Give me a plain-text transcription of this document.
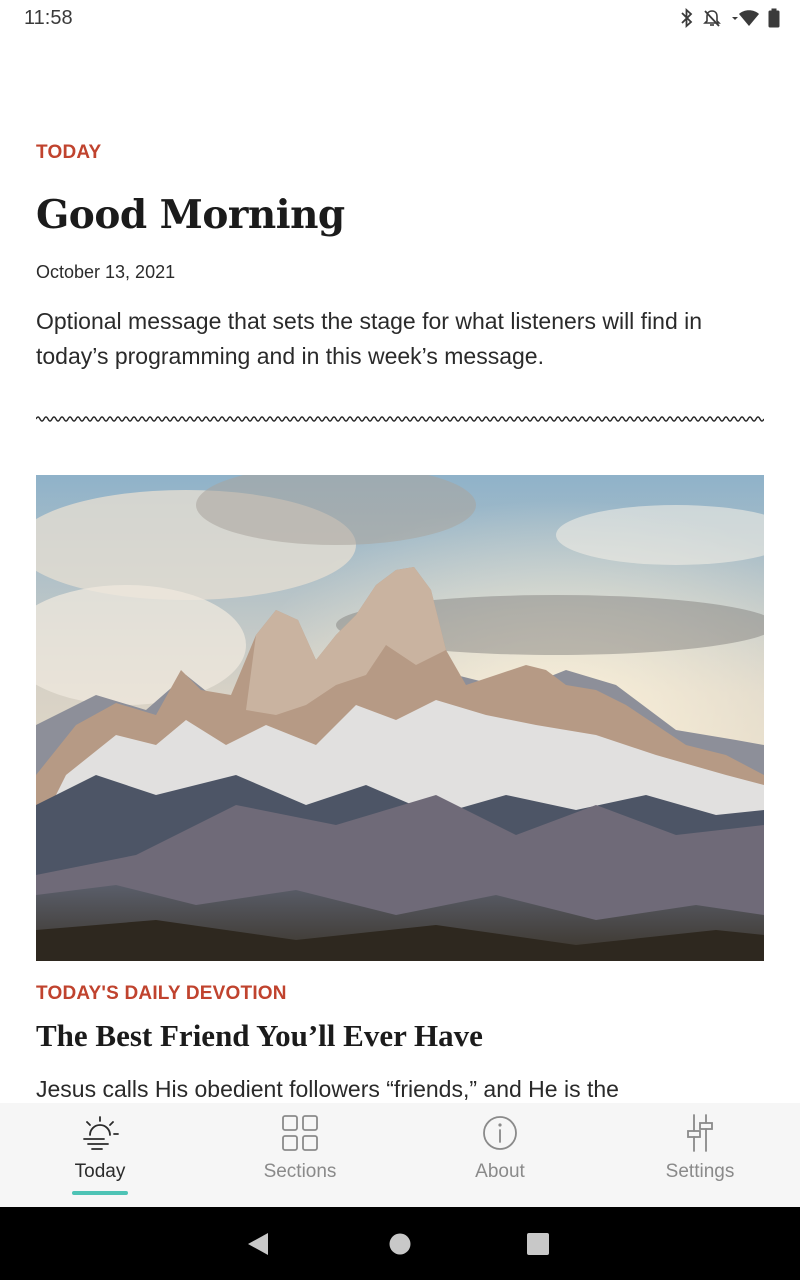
11:58
TODAY
Good Morning
October 13, 2021

Optional message that sets the stage for what listeners will find in today’s programming and in this week’s message.

TODAY'S DAILY DEVOTION
The Best Friend You’ll Ever Have

Jesus calls His obedient followers “friends,” and He is the

Today	Sections	About	Settings
